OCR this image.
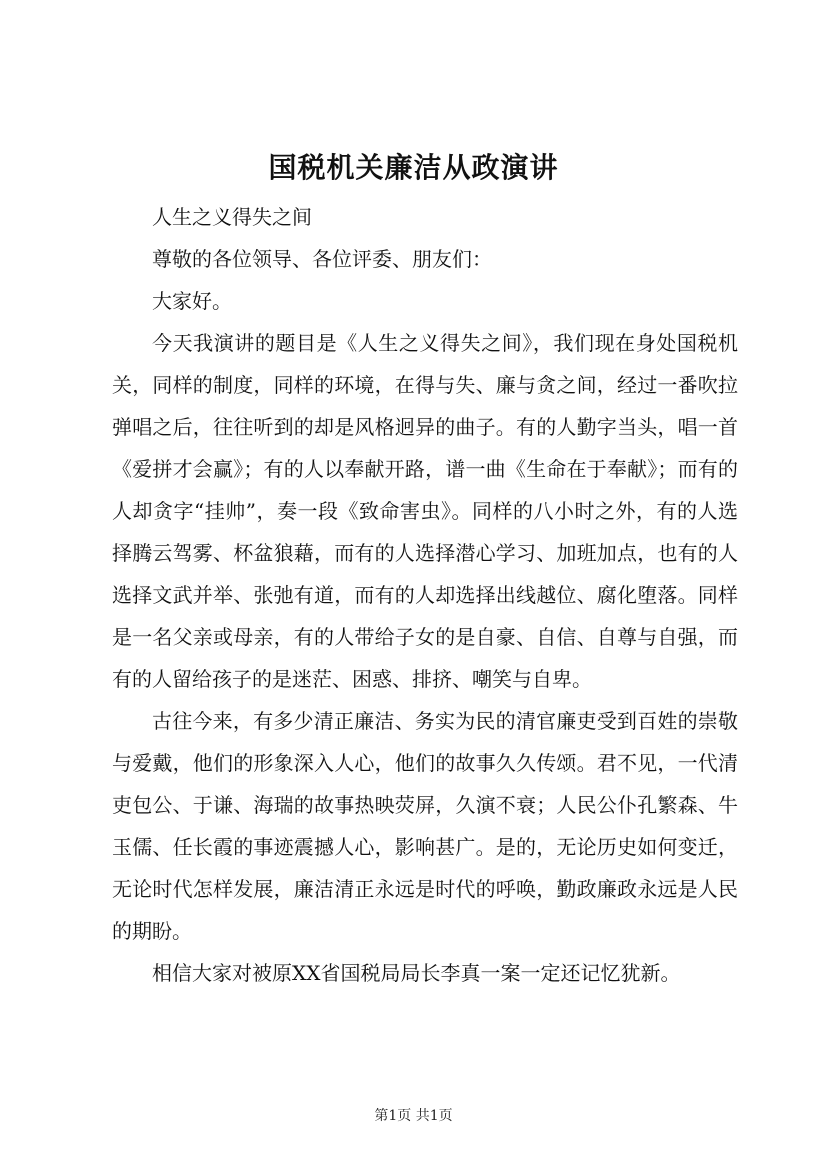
国税机关廉洁从政演讲

人生之义得失之间

尊敬的各位领导、各位评委、朋友们：

大家好。

今天我演讲的题目是《人生之义得失之间》，我们现在身处国税机关，同样的制度，同样的环境，在得与失、廉与贪之间，经过一番吹拉弹唱之后，往往听到的却是风格迥异的曲子。有的人勤字当头，唱一首《爱拼才会赢》；有的人以奉献开路，谱一曲《生命在于奉献》；而有的人却贪字“挂帅”，奏一段《致命害虫》。同样的八小时之外，有的人选择腾云驾雾、杯盆狼藉，而有的人选择潜心学习、加班加点，也有的人选择文武并举、张弛有道，而有的人却选择出线越位、腐化堕落。同样是一名父亲或母亲，有的人带给子女的是自豪、自信、自尊与自强，而有的人留给孩子的是迷茫、困惑、排挤、嘲笑与自卑。

古往今来，有多少清正廉洁、务实为民的清官廉吏受到百姓的崇敬与爱戴，他们的形象深入人心，他们的故事久久传颂。君不见，一代清吏包公、于谦、海瑞的故事热映荧屏，久演不衰；人民公仆孔繁森、牛玉儒、任长霞的事迹震撼人心，影响甚广。是的，无论历史如何变迁，无论时代怎样发展，廉洁清正永远是时代的呼唤，勤政廉政永远是人民的期盼。

相信大家对被原XX省国税局局长李真一案一定还记忆犹新。

第1页 共1页
